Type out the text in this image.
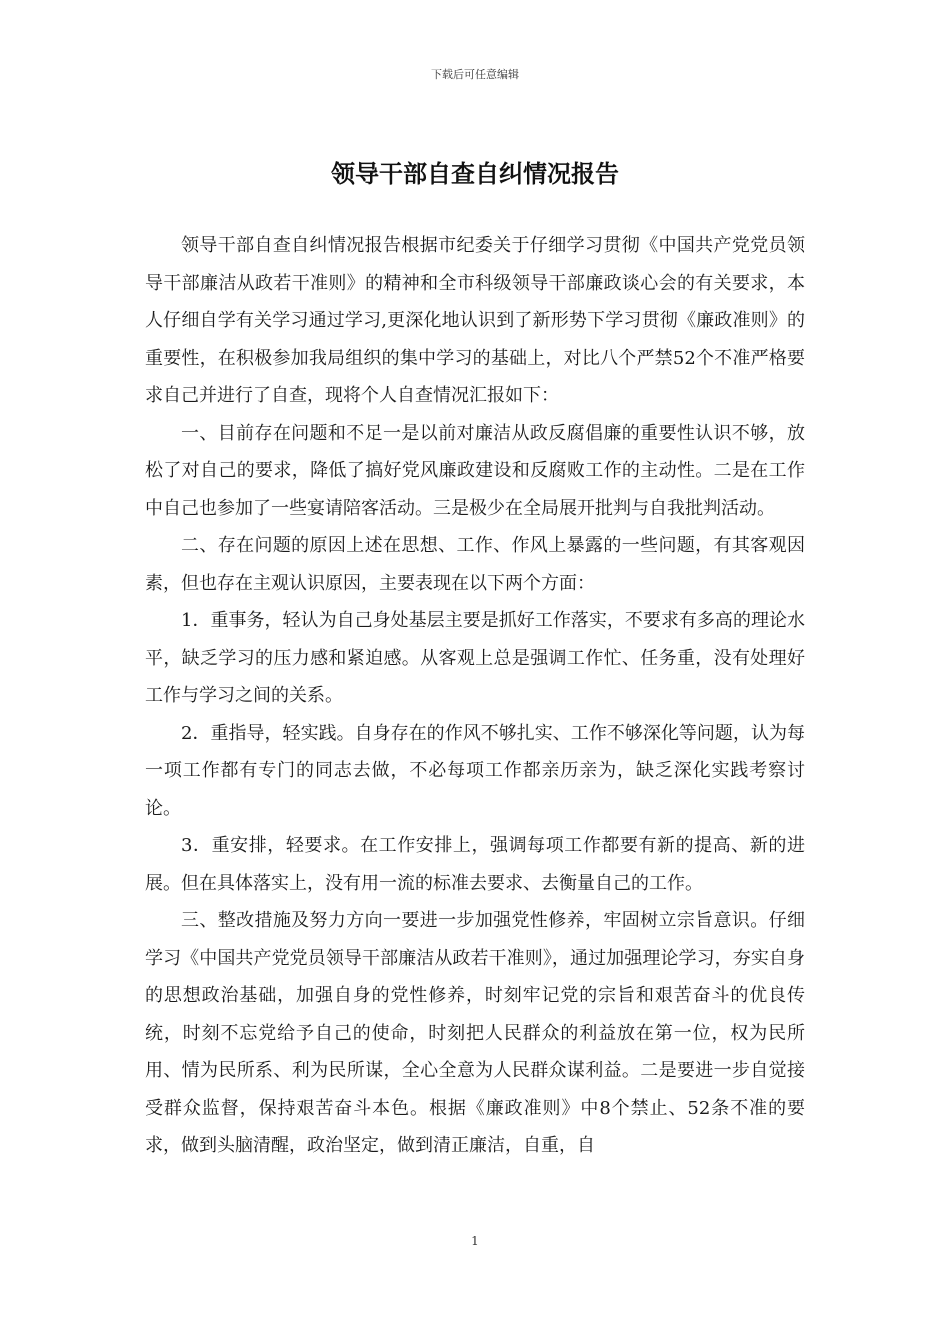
下载后可任意编辑
领导干部自查自纠情况报告

领导干部自查自纠情况报告根据市纪委关于仔细学习贯彻《中国共产党党员领导干部廉洁从政若干准则》的精神和全市科级领导干部廉政谈心会的有关要求，本人仔细自学有关学习通过学习,更深化地认识到了新形势下学习贯彻《廉政准则》的重要性，在积极参加我局组织的集中学习的基础上，对比八个严禁52个不准严格要求自己并进行了自查，现将个人自查情况汇报如下：

一、目前存在问题和不足一是以前对廉洁从政反腐倡廉的重要性认识不够，放松了对自己的要求，降低了搞好党风廉政建设和反腐败工作的主动性。二是在工作中自己也参加了一些宴请陪客活动。三是极少在全局展开批判与自我批判活动。

二、存在问题的原因上述在思想、工作、作风上暴露的一些问题，有其客观因素，但也存在主观认识原因，主要表现在以下两个方面：

1．重事务，轻认为自己身处基层主要是抓好工作落实，不要求有多高的理论水平，缺乏学习的压力感和紧迫感。从客观上总是强调工作忙、任务重，没有处理好工作与学习之间的关系。

2．重指导，轻实践。自身存在的作风不够扎实、工作不够深化等问题，认为每一项工作都有专门的同志去做，不必每项工作都亲历亲为，缺乏深化实践考察讨论。

3．重安排，轻要求。在工作安排上，强调每项工作都要有新的提高、新的进展。但在具体落实上，没有用一流的标准去要求、去衡量自己的工作。

三、整改措施及努力方向一要进一步加强党性修养，牢固树立宗旨意识。仔细学习《中国共产党党员领导干部廉洁从政若干准则》，通过加强理论学习，夯实自身的思想政治基础，加强自身的党性修养，时刻牢记党的宗旨和艰苦奋斗的优良传统，时刻不忘党给予自己的使命，时刻把人民群众的利益放在第一位，权为民所用、情为民所系、利为民所谋，全心全意为人民群众谋利益。二是要进一步自觉接受群众监督，保持艰苦奋斗本色。根据《廉政准则》中8个禁止、52条不准的要求，做到头脑清醒，政治坚定，做到清正廉洁，自重，自

1
